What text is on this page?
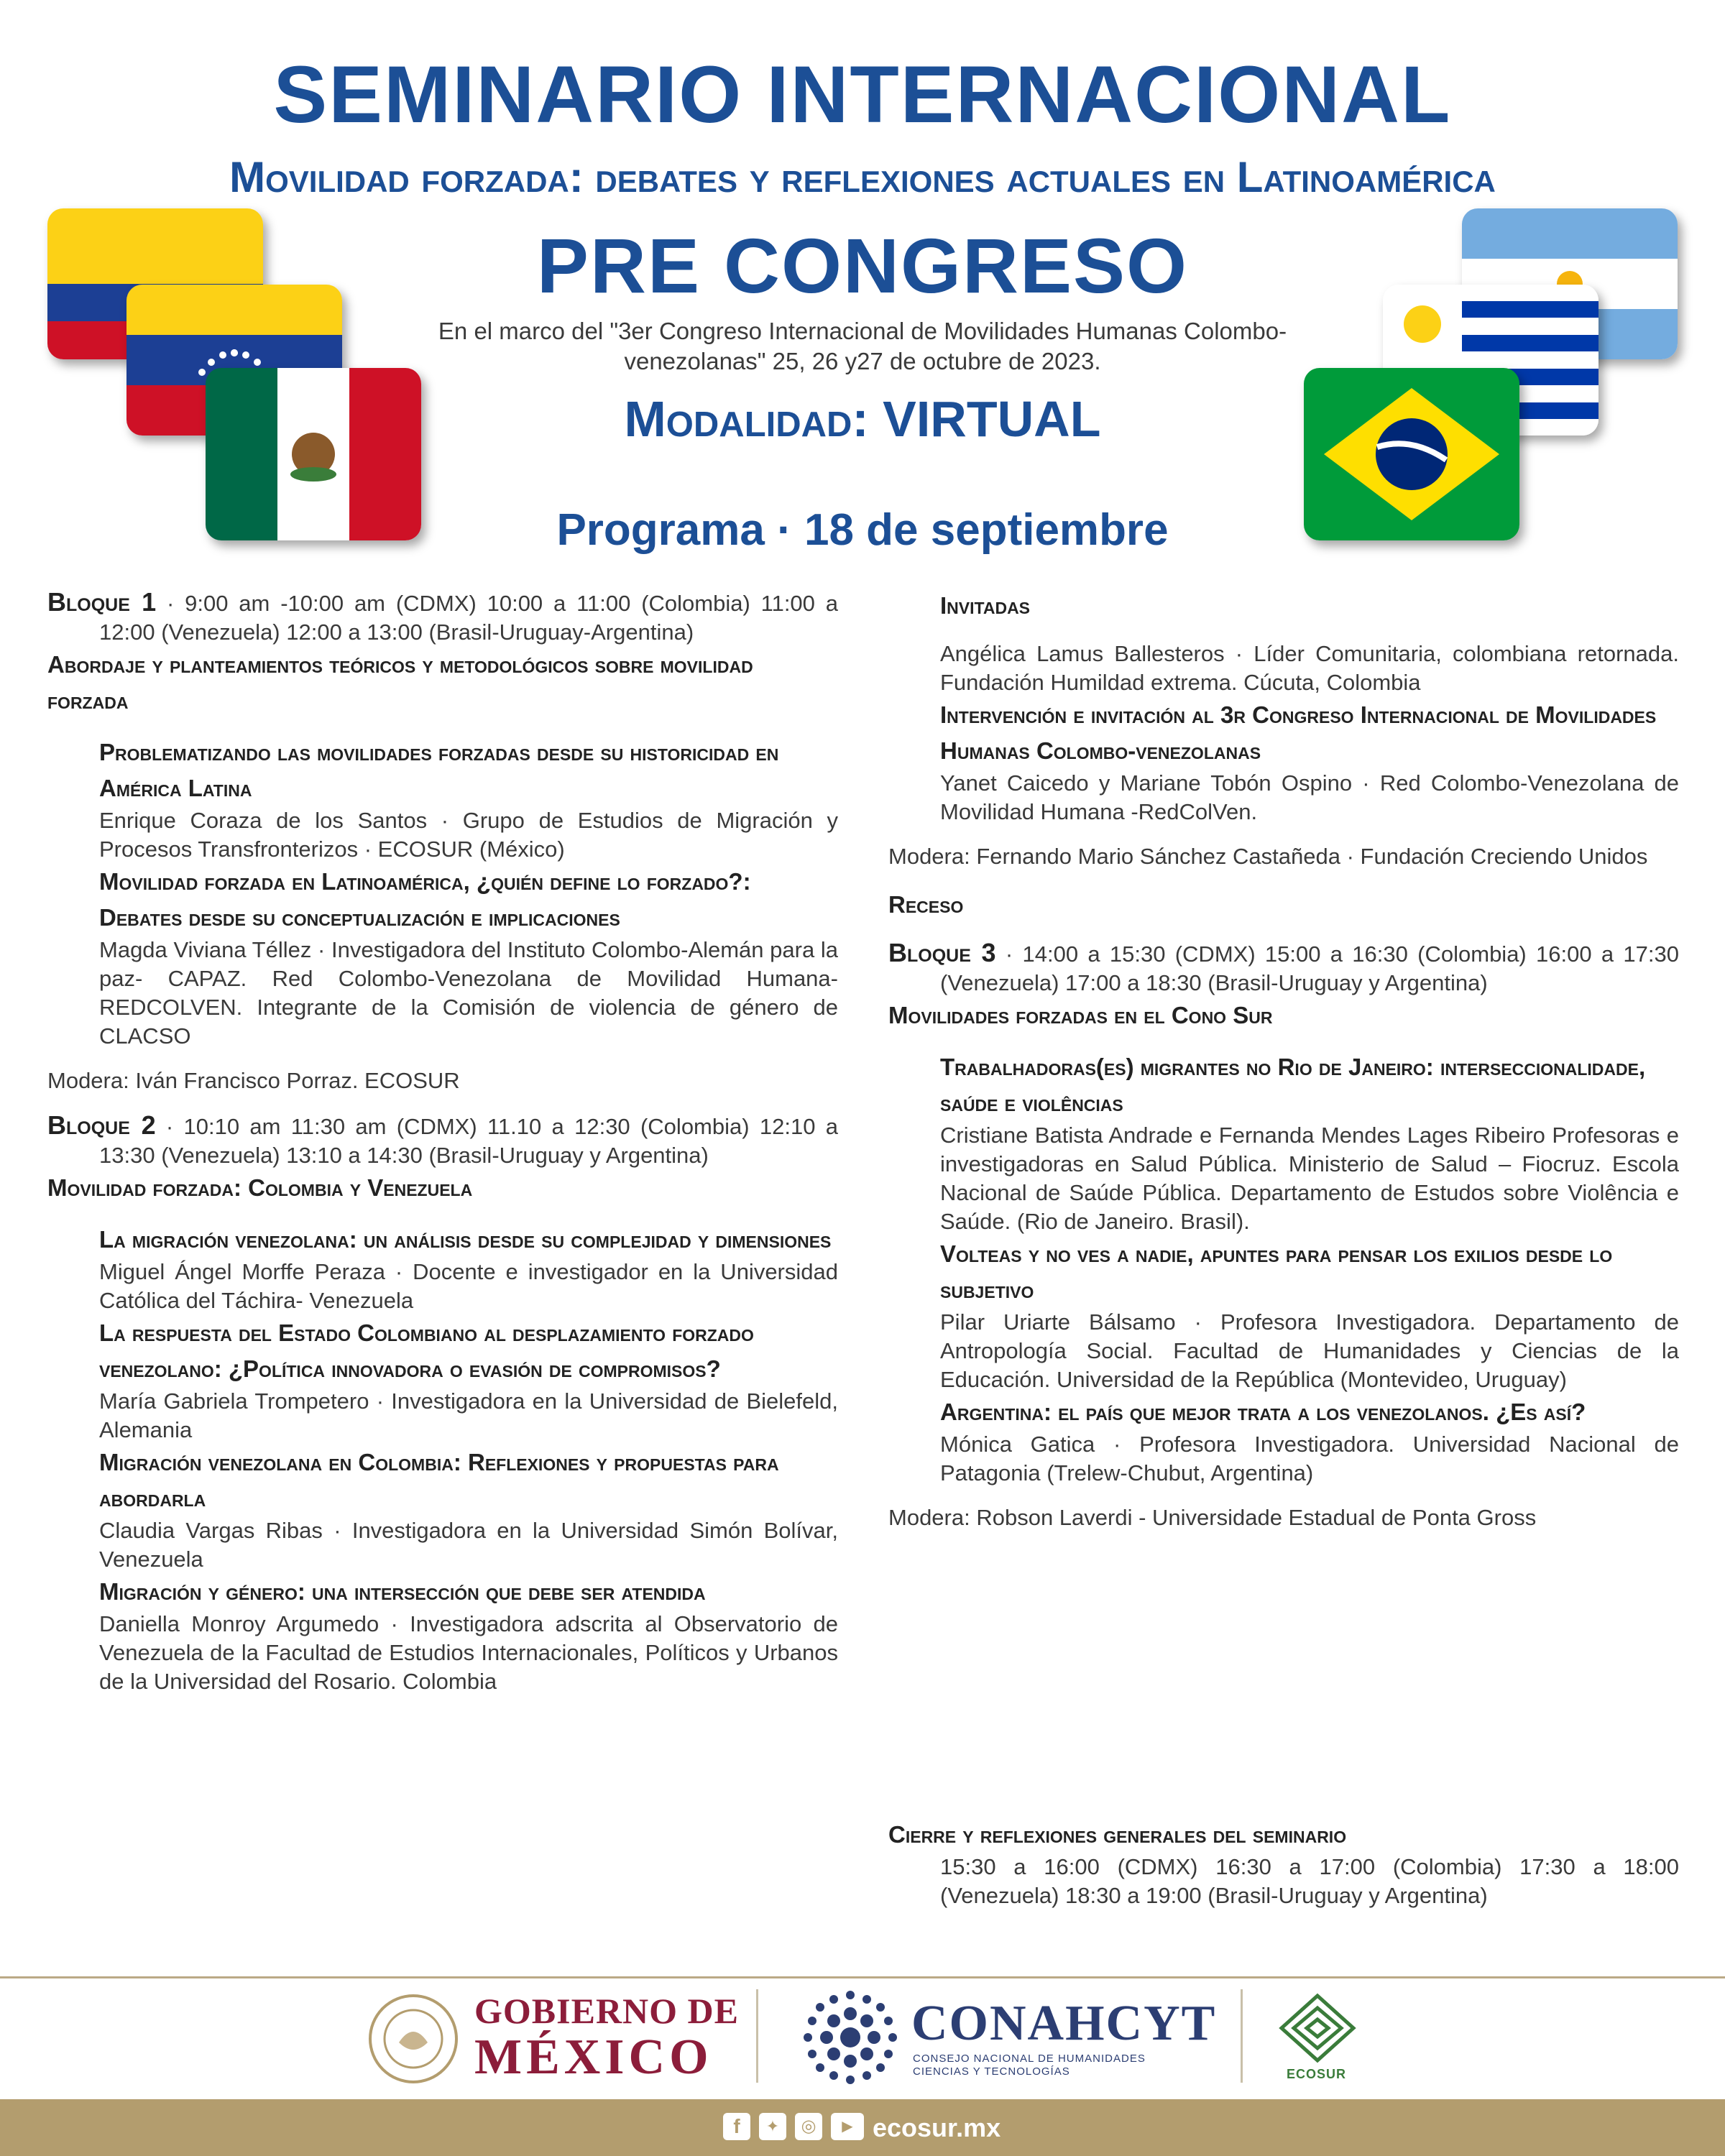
SEMINARIO INTERNACIONAL
Movilidad forzada: debates y reflexiones actuales en Latinoamérica
PRE CONGRESO
En el marco del "3er Congreso Internacional de Movilidades Humanas Colombo-venezolanas" 25, 26 y27 de octubre de 2023.
Modalidad: VIRTUAL
Programa · 18 de septiembre
Bloque 1 · 9:00 am -10:00 am (CDMX) 10:00 a 11:00 (Colombia) 11:00 a 12:00 (Venezuela) 12:00 a 13:00 (Brasil-Uruguay-Argentina)
Abordaje y planteamientos teóricos y metodológicos sobre movilidad forzada
Problematizando las movilidades forzadas desde su historicidad en América Latina
Enrique Coraza de los Santos · Grupo de Estudios de Migración y Procesos Transfronterizos · ECOSUR (México)
Movilidad forzada en Latinoamérica, ¿quién define lo forzado?: Debates desde su conceptualización e implicaciones
Magda Viviana Téllez · Investigadora del Instituto Colombo-Alemán para la paz- CAPAZ. Red Colombo-Venezolana de Movilidad Humana-REDCOLVEN. Integrante de la Comisión de violencia de género de CLACSO
Modera: Iván Francisco Porraz. ECOSUR
Bloque 2 · 10:10 am 11:30 am (CDMX) 11.10 a 12:30 (Colombia) 12:10 a 13:30 (Venezuela) 13:10 a 14:30 (Brasil-Uruguay y Argentina)
Movilidad forzada: Colombia y Venezuela
La migración venezolana: un análisis desde su complejidad y dimensiones
Miguel Ángel Morffe Peraza · Docente e investigador en la Universidad Católica del Táchira- Venezuela
La respuesta del Estado Colombiano al desplazamiento forzado venezolano: ¿Política innovadora o evasión de compromisos?
María Gabriela Trompetero · Investigadora en la Universidad de Bielefeld, Alemania
Migración venezolana en Colombia: Reflexiones y propuestas para abordarla
Claudia Vargas Ribas · Investigadora en la Universidad Simón Bolívar, Venezuela
Migración y género: una intersección que debe ser atendida
Daniella Monroy Argumedo · Investigadora adscrita al Observatorio de Venezuela de la Facultad de Estudios Internacionales, Políticos y Urbanos de la Universidad del Rosario. Colombia
Invitadas
Angélica Lamus Ballesteros · Líder Comunitaria, colombiana retornada. Fundación Humildad extrema. Cúcuta, Colombia
Intervención e invitación al 3r Congreso Internacional de Movilidades Humanas Colombo-venezolanas
Yanet Caicedo y Mariane Tobón Ospino · Red Colombo-Venezolana de Movilidad Humana -RedColVen.
Modera: Fernando Mario Sánchez Castañeda · Fundación Creciendo Unidos
Receso
Bloque 3 · 14:00 a 15:30 (CDMX) 15:00 a 16:30 (Colombia) 16:00 a 17:30 (Venezuela) 17:00 a 18:30 (Brasil-Uruguay y Argentina)
Movilidades forzadas en el Cono Sur
Trabalhadoras(es) migrantes no Rio de Janeiro: interseccionalidade, saúde e violências
Cristiane Batista Andrade e Fernanda Mendes Lages Ribeiro Profesoras e investigadoras en Salud Pública. Ministerio de Salud – Fiocruz. Escola Nacional de Saúde Pública. Departamento de Estudos sobre Violência e Saúde. (Rio de Janeiro. Brasil).
Volteas y no ves a nadie, apuntes para pensar los exilios desde lo subjetivo
Pilar Uriarte Bálsamo · Profesora Investigadora. Departamento de Antropología Social. Facultad de Humanidades y Ciencias de la Educación. Universidad de la República (Montevideo, Uruguay)
Argentina: el país que mejor trata a los venezolanos. ¿Es así?
Mónica Gatica · Profesora Investigadora. Universidad Nacional de Patagonia (Trelew-Chubut, Argentina)
Modera: Robson Laverdi - Universidade Estadual de Ponta Gross
Cierre y reflexiones generales del seminario
15:30 a 16:00 (CDMX) 16:30 a 17:00 (Colombia) 17:30 a 18:00 (Venezuela) 18:30 a 19:00 (Brasil-Uruguay y Argentina)
GOBIERNO DE
MÉXICO
CONAHCYT
CONSEJO NACIONAL DE HUMANIDADES CIENCIAS Y TECNOLOGÍAS	ECOSUR
f	✦	◎	▶ ecosur.mx
